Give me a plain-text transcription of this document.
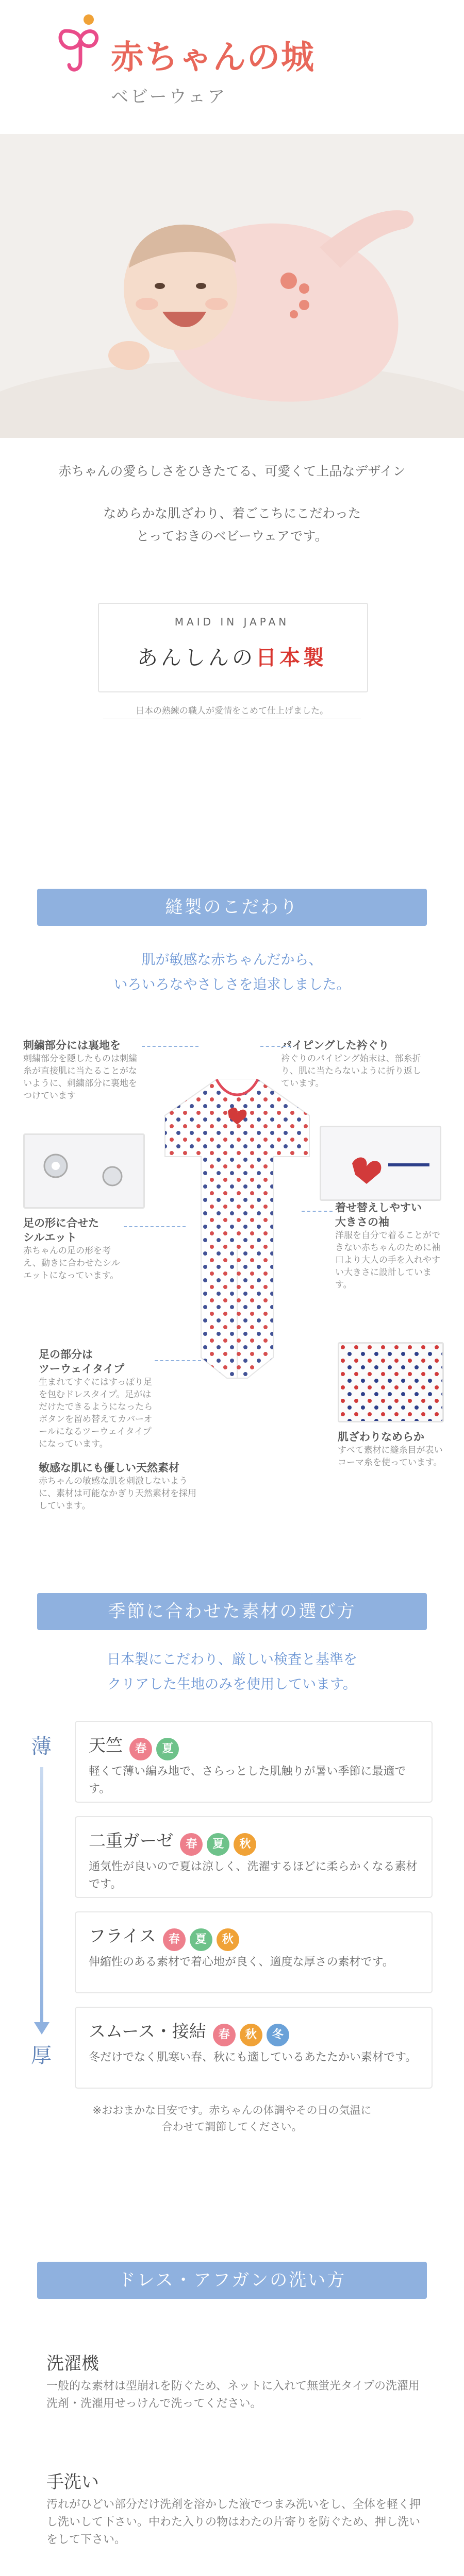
赤ちゃんの城
ベビーウェア
赤ちゃんの愛らしさをひきたてる、可愛くて上品なデザイン
なめらかな肌ざわり、着ごこちにこだわった
とっておきのベビーウェアです。
MAID IN JAPAN
あんしんの日本製
日本の熟練の職人が愛情をこめて仕上げました。
縫製のこだわり
肌が敏感な赤ちゃんだから、
いろいろなやさしさを追求しました。
刺繍部分には裏地を
刺繍部分を隠したものは刺繍糸が直接肌に当たることがないように、刺繍部分に裏地をつけています
パイピングした衿ぐり
衿ぐりのパイピング始末は、部糸折り、肌に当たらないように折り返しています。
足の形に合せた
シルエット
赤ちゃんの足の形を考え、動きに合わせたシルエットになっています。
着せ替えしやすい
大きさの袖
洋服を自分で着ることができない赤ちゃんのために袖口より大人の手を入れやすい大きさに設計しています。
足の部分は
ツーウェイタイプ
生まれてすぐにはすっぽり足を包むドレスタイプ。足がはだけたできるようになったらボタンを留め替えてカバーオールになるツーウェイタイプになっています。
肌ざわりなめらか
すべて素材に縫糸目が表いコーマ糸を使っています。
敏感な肌にも優しい天然素材
赤ちゃんの敏感な肌を刺激しないように、素材は可能なかぎり天然素材を採用しています。
季節に合わせた素材の選び方
日本製にこだわり、厳しい検査と基準を
クリアした生地のみを使用しています。
薄
厚
天竺 春 夏
軽くて薄い編み地で、さらっとした肌触りが暑い季節に最適です。
二重ガーゼ 春 夏 秋
通気性が良いので夏は涼しく、洗濯するほどに柔らかくなる素材です。
フライス 春 夏 秋
伸縮性のある素材で着心地が良く、適度な厚さの素材です。
スムース・接結 春 秋 冬
冬だけでなく肌寒い春、秋にも適しているあたたかい素材です。
※おおまかな目安です。赤ちゃんの体調やその日の気温に
合わせて調節してください。
ドレス・アフガンの洗い方
洗濯機
一般的な素材は型崩れを防ぐため、ネットに入れて無蛍光タイプの洗濯用洗剤・洗濯用せっけんで洗ってください。
手洗い
汚れがひどい部分だけ洗剤を溶かした液でつまみ洗いをし、全体を軽く押し洗いして下さい。中わた入りの物はわたの片寄りを防ぐため、押し洗いをして下さい。
